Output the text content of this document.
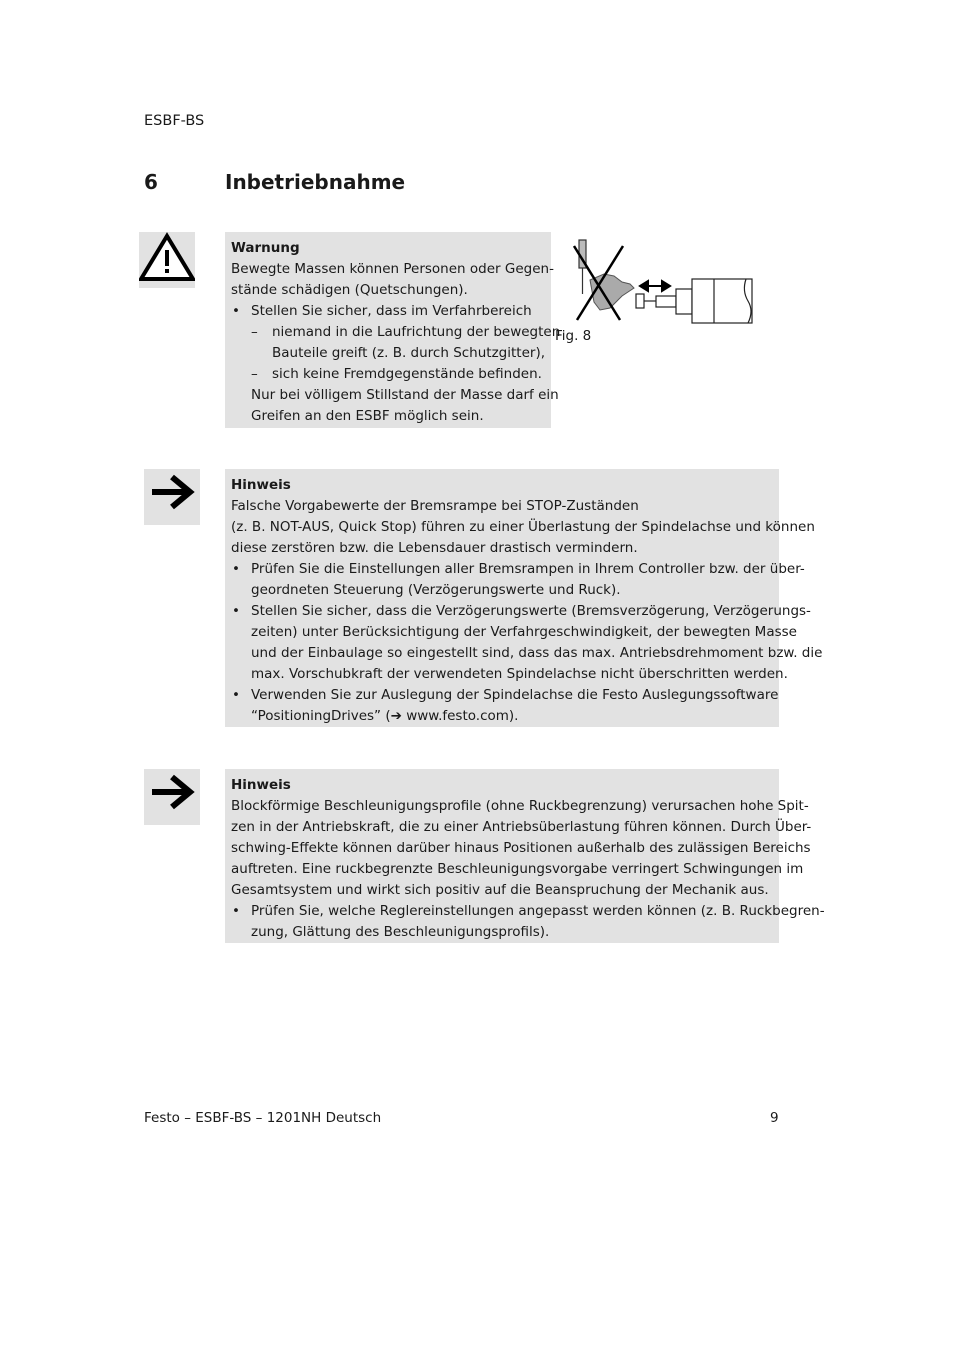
ESBF-BS
6	Inbetriebnahme
Warnung
Bewegte Massen können Personen oder Gegen-
stände schädigen (Quetschungen).
• Stellen Sie sicher, dass im Verfahrbereich
– niemand in die Laufrichtung der bewegten
Bauteile greift (z. B. durch Schutzgitter),
– sich keine Fremdgegenstände befinden.
Nur bei völligem Stillstand der Masse darf ein
Greifen an den ESBF möglich sein.
Fig. 8
Hinweis
Falsche Vorgabewerte der Bremsrampe bei STOP-Zuständen
(z. B. NOT-AUS, Quick Stop) führen zu einer Überlastung der Spindelachse und können
diese zerstören bzw. die Lebensdauer drastisch vermindern.
• Prüfen Sie die Einstellungen aller Bremsrampen in Ihrem Controller bzw. der über-
geordneten Steuerung (Verzögerungswerte und Ruck).
• Stellen Sie sicher, dass die Verzögerungswerte (Bremsverzögerung, Verzögerungs-
zeiten) unter Berücksichtigung der Verfahrgeschwindigkeit, der bewegten Masse
und der Einbaulage so eingestellt sind, dass das max. Antriebsdrehmoment bzw. die
max. Vorschubkraft der verwendeten Spindelachse nicht überschritten werden.
• Verwenden Sie zur Auslegung der Spindelachse die Festo Auslegungssoftware
“PositioningDrives” (➔ www.festo.com).
Hinweis
Blockförmige Beschleunigungsprofile (ohne Ruckbegrenzung) verursachen hohe Spit-
zen in der Antriebskraft, die zu einer Antriebsüberlastung führen können. Durch Über-
schwing-Effekte können darüber hinaus Positionen außerhalb des zulässigen Bereichs
auftreten. Eine ruckbegrenzte Beschleunigungsvorgabe verringert Schwingungen im
Gesamtsystem und wirkt sich positiv auf die Beanspruchung der Mechanik aus.
• Prüfen Sie, welche Reglereinstellungen angepasst werden können (z. B. Ruckbegren-
zung, Glättung des Beschleunigungsprofils).
Festo – ESBF-BS – 1201NH Deutsch	9
